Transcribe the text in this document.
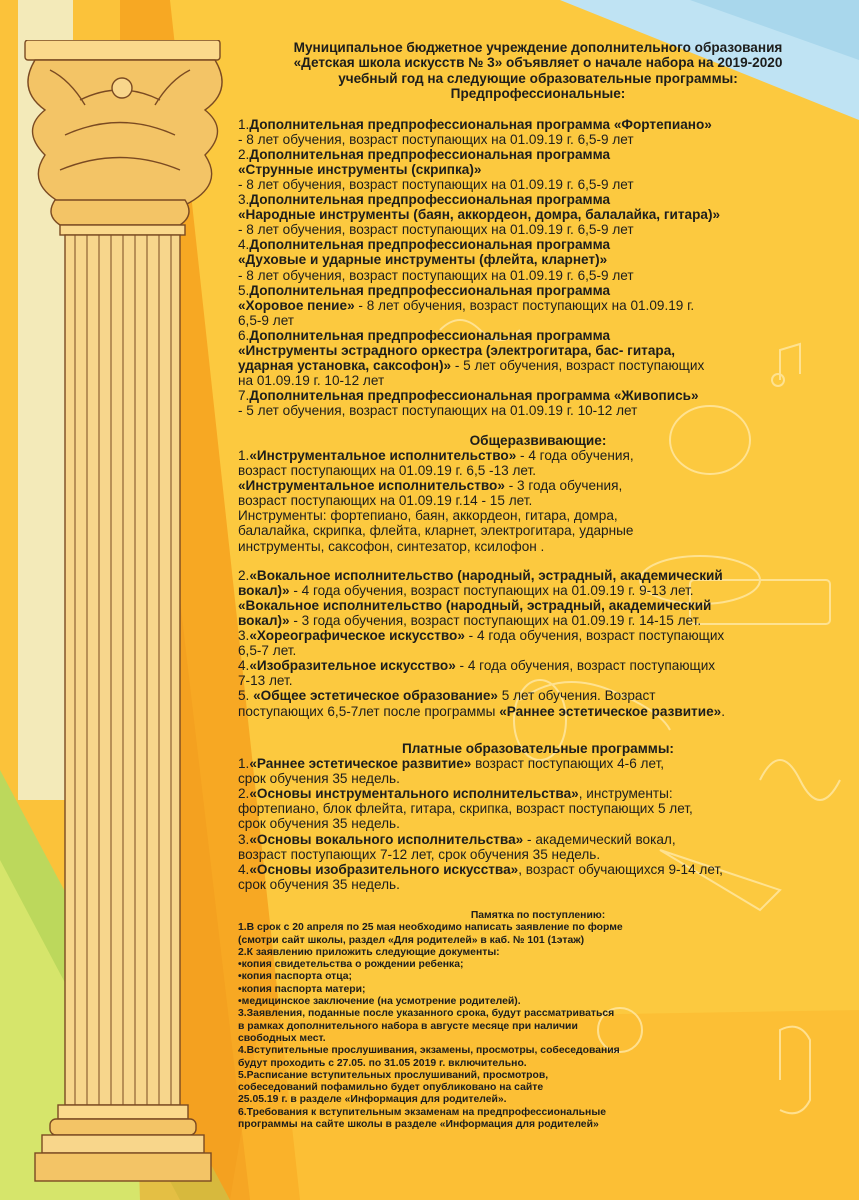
Муниципальное бюджетное учреждение дополнительного образования
«Детская школа искусств № 3» объявляет о начале набора на 2019-2020
учебный год на следующие образовательные программы:
Предпрофессиональные:

1.Дополнительная предпрофессиональная программа «Фортепиано»

- 8 лет обучения, возраст поступающих на 01.09.19 г. 6,5-9 лет

2.Дополнительная предпрофессиональная программа

«Струнные инструменты (скрипка)»

- 8 лет обучения, возраст поступающих на 01.09.19 г. 6,5-9 лет

3.Дополнительная предпрофессиональная программа

«Народные инструменты (баян, аккордеон, домра, балалайка, гитара)»

- 8 лет обучения, возраст поступающих на 01.09.19 г. 6,5-9 лет

4.Дополнительная предпрофессиональная программа

«Духовые и ударные инструменты (флейта, кларнет)»

- 8 лет обучения, возраст поступающих на 01.09.19 г. 6,5-9 лет

5.Дополнительная предпрофессиональная программа

«Хоровое пение» - 8 лет обучения, возраст поступающих на 01.09.19 г.

6,5-9 лет

6.Дополнительная предпрофессиональная программа

«Инструменты эстрадного оркестра (электрогитара, бас- гитара,

ударная установка, саксофон)» - 5 лет обучения, возраст поступающих

на 01.09.19 г. 10-12 лет

7.Дополнительная предпрофессиональная программа «Живопись»

- 5 лет обучения, возраст поступающих на 01.09.19 г. 10-12 лет

Общеразвивающие:

1.«Инструментальное исполнительство» - 4 года обучения,

возраст поступающих на 01.09.19 г. 6,5 -13 лет.

«Инструментальное исполнительство» - 3 года обучения,

возраст поступающих на 01.09.19 г.14 - 15 лет.

Инструменты: фортепиано, баян, аккордеон, гитара, домра,

балалайка, скрипка, флейта, кларнет, электрогитара, ударные

инструменты, саксофон, синтезатор, ксилофон .

2.«Вокальное исполнительство (народный, эстрадный, академический

вокал)» - 4 года обучения, возраст поступающих на 01.09.19 г. 9-13 лет.

«Вокальное исполнительство (народный, эстрадный, академический

вокал)» - 3 года обучения, возраст поступающих на 01.09.19 г. 14-15 лет.

3.«Хореографическое искусство» - 4 года обучения, возраст поступающих

6,5-7 лет.

4.«Изобразительное искусство» - 4 года обучения, возраст поступающих

7-13 лет.

5. «Общее эстетическое образование» 5 лет обучения. Возраст

поступающих 6,5-7лет после программы «Раннее эстетическое развитие».

Платные образовательные программы:

1.«Раннее эстетическое развитие» возраст поступающих 4-6 лет,

срок обучения 35 недель.

2.«Основы инструментального исполнительства», инструменты:

фортепиано, блок флейта, гитара, скрипка, возраст поступающих 5 лет,

срок обучения 35 недель.

3.«Основы вокального исполнительства» - академический вокал,

возраст поступающих 7-12 лет, срок обучения 35 недель.

4.«Основы изобразительного искусства», возраст обучающихся 9-14 лет,

срок обучения 35 недель.

Памятка по поступлению:

1.В срок с 20 апреля по 25 мая необходимо написать заявление по форме

(смотри сайт школы, раздел «Для родителей» в каб. № 101 (1этаж)

2.К заявлению приложить следующие документы:

•копия свидетельства о рождении ребенка;

•копия паспорта отца;

•копия паспорта матери;

•медицинское заключение (на усмотрение родителей).

3.Заявления, поданные после указанного срока, будут рассматриваться

в рамках дополнительного набора в августе месяце при наличии

свободных мест.

4.Вступительные прослушивания, экзамены, просмотры, собеседования

будут проходить с 27.05. по 31.05 2019 г. включительно.

5.Расписание вступительных прослушиваний, просмотров,

собеседований пофамильно будет опубликовано на сайте

25.05.19 г. в разделе «Информация для родителей».

6.Требования к вступительным экзаменам на предпрофессиональные

программы на сайте школы в разделе «Информация для родителей»
